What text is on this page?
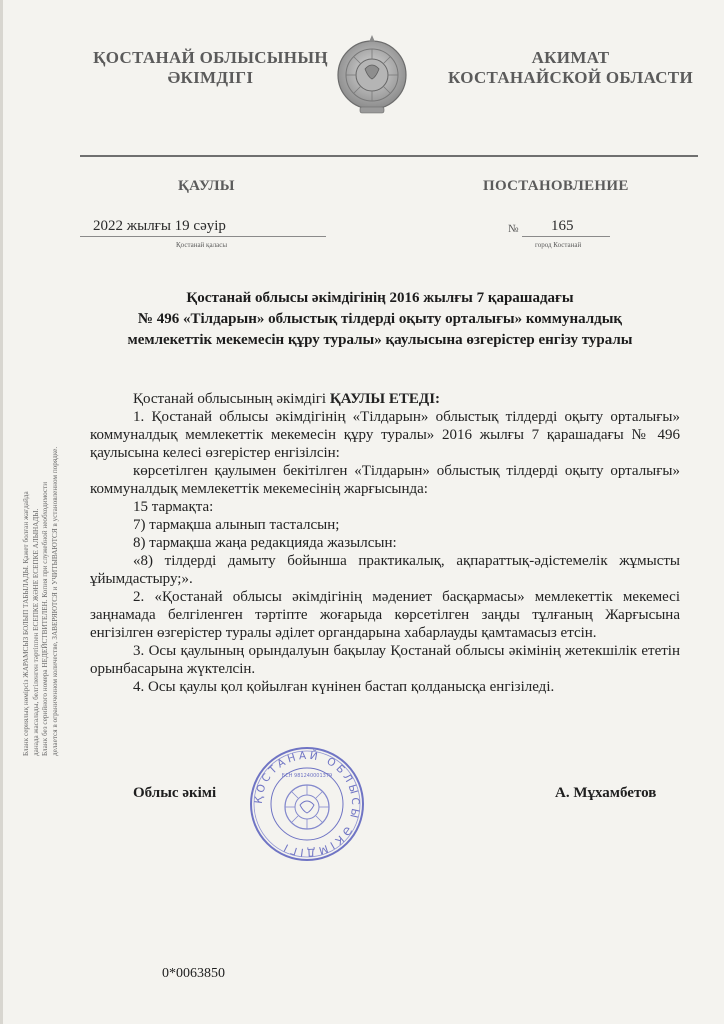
ҚОСТАНАЙ ОБЛЫСЫНЫҢ
ӘКІМДІГІ
АКИМАТ
КОСТАНАЙСКОЙ ОБЛАСТИ
ҚАУЛЫ	ПОСТАНОВЛЕНИЕ
2022 жылғы 19 сәуір
Қостанай қаласы
№ 165
город Костанай
Қостанай облысы әкімдігінің 2016 жылғы 7 қарашадағы
№ 496 «Тілдарын» облыстық тілдерді оқыту орталығы» коммуналдық
мемлекеттік мекемесін құру туралы» қаулысына өзгерістер енгізу туралы
Бланк сериялық нөмірсіз ЖАРАМСЫЗ БОЛЫП ТАБЫЛАДЫ. Қажет болған жағдайда данада жасалады, белгіленген тәртіппен ЕСЕПКЕ ЖӘНЕ ЕСЕПКЕ АЛЫНАДЫ. Бланк без серийного номера НЕДЕЙСТВИТЕЛЕН. Копия при служебной необходимости делается в ограниченном количестве, ЗАВЕРЯЮТСЯ и УЧИТЫВАЮТСЯ в установленном порядке.

Қостанай облысының әкімдігі ҚАУЛЫ ЕТЕДІ:

1. Қостанай облысы әкімдігінің «Тілдарын» облыстық тілдерді оқыту орталығы» коммуналдық мемлекеттік мекемесін құру туралы» 2016 жылғы 7 қарашадағы № 496 қаулысына келесі өзгерістер енгізілсін:

көрсетілген қаулымен бекітілген «Тілдарын» облыстық тілдерді оқыту орталығы» коммуналдық мемлекеттік мекемесінің жарғысында:

15 тармақта:

7) тармақша алынып тасталсын;

8) тармақша жаңа редакцияда жазылсын:

«8) тілдерді дамыту бойынша практикалық, ақпараттық-әдістемелік жұмысты ұйымдастыру;».

2. «Қостанай облысы әкімдігінің мәдениет басқармасы» мемлекеттік мекемесі заңнамада белгіленген тәртіпте жоғарыда көрсетілген заңды тұлғаның Жарғысына енгізілген өзгерістер туралы әділет органдарына хабарлауды қамтамасыз етсін.

3. Осы қаулының орындалуын бақылау Қостанай облысы әкімінің жетекшілік ететін орынбасарына жүктелсін.

4. Осы қаулы қол қойылған күнінен бастап қолданысқа енгізіледі.

Облыс әкімі	ҚОСТАНАЙ ОБЛЫСЫ ӘКІМДІГІ
БСН 981240001379
А. Мұхамбетов
0*0063850
